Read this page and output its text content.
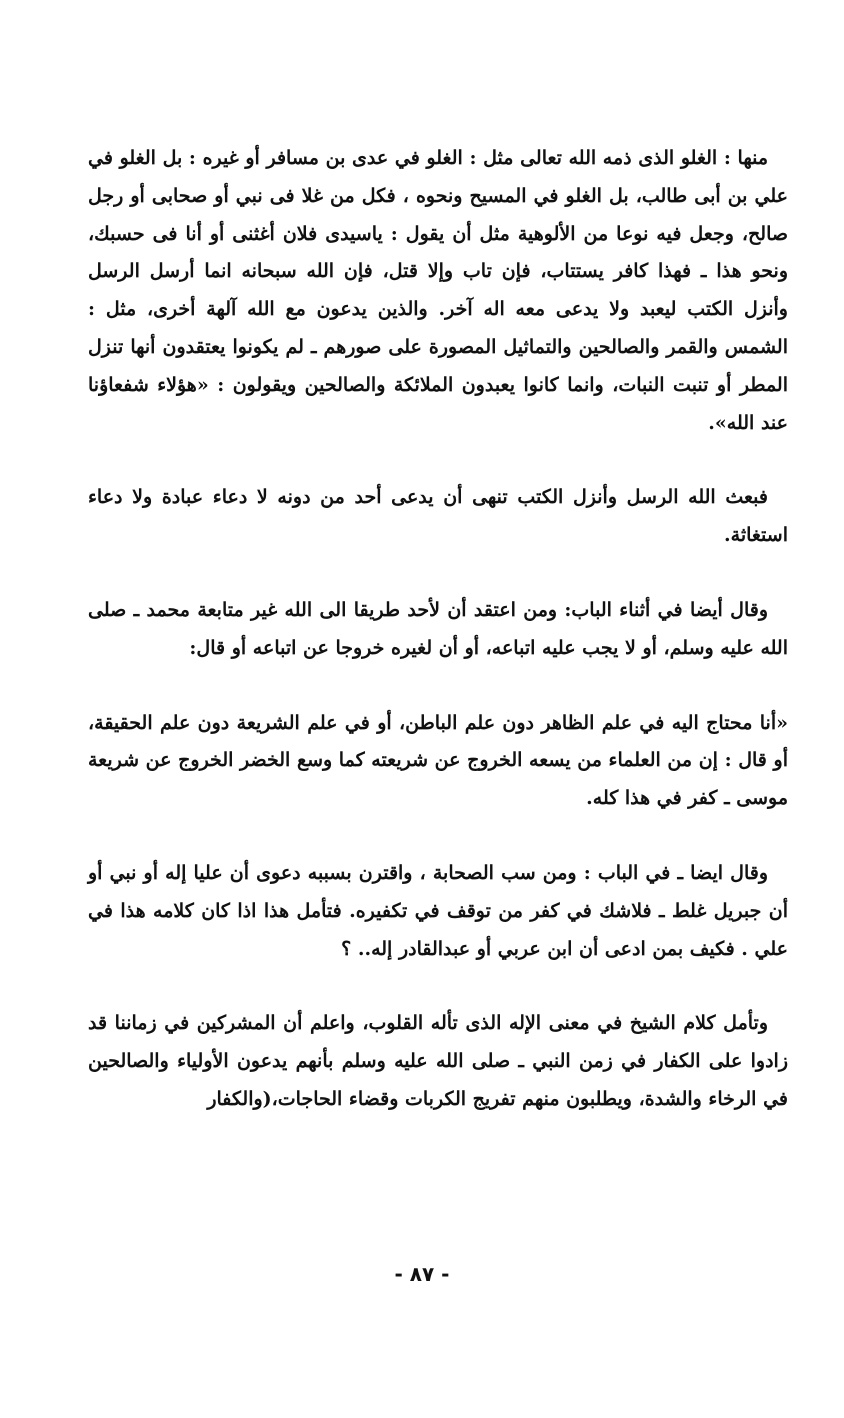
منها : الغلو الذى ذمه الله تعالى مثل : الغلو في عدى بن مسافر أو غيره : بل الغلو في علي بن أبى طالب، بل الغلو في المسيح ونحوه ، فكل من غلا فى نبي أو صحابى أو رجل صالح، وجعل فيه نوعا من الألوهية مثل أن يقول : ياسيدى فلان أغثنى أو أنا فى حسبك، ونحو هذا ـ فهذا كافر يستتاب، فإن تاب وإلا قتل، فإن الله سبحانه انما أرسل الرسل وأنزل الكتب ليعبد ولا يدعى معه اله آخر. والذين يدعون مع الله آلهة أخرى، مثل : الشمس والقمر والصالحين والتماثيل المصورة على صورهم ـ لم يكونوا يعتقدون أنها تنزل المطر أو تنبت النبات، وانما كانوا يعبدون الملائكة والصالحين ويقولون : «هؤلاء شفعاؤنا عند الله».

فبعث الله الرسل وأنزل الكتب تنهى أن يدعى أحد من دونه لا دعاء عبادة ولا دعاء استغاثة.

وقال أيضا في أثناء الباب: ومن اعتقد أن لأحد طريقا الى الله غير متابعة محمد ـ صلى الله عليه وسلم، أو لا يجب عليه اتباعه، أو أن لغيره خروجا عن اتباعه أو قال:

«أنا محتاج اليه في علم الظاهر دون علم الباطن، أو في علم الشريعة دون علم الحقيقة، أو قال : إن من العلماء من يسعه الخروج عن شريعته كما وسع الخضر الخروج عن شريعة موسى ـ كفر في هذا كله.

وقال ايضا ـ في الباب : ومن سب الصحابة ، واقترن بسببه دعوى أن عليا إله أو نبي أو أن جبريل غلط ـ فلاشك في كفر من توقف في تكفيره. فتأمل هذا اذا كان كلامه هذا في علي . فكيف بمن ادعى أن ابن عربي أو عبدالقادر إله.. ؟

وتأمل كلام الشيخ في معنى الإله الذى تأله القلوب، واعلم أن المشركين في زماننا قد زادوا على الكفار في زمن النبي ـ صلى الله عليه وسلم بأنهم يدعون الأولياء والصالحين في الرخاء والشدة، ويطلبون منهم تفريج الكربات وقضاء الحاجات،(والكفار

- ٨٧ -
